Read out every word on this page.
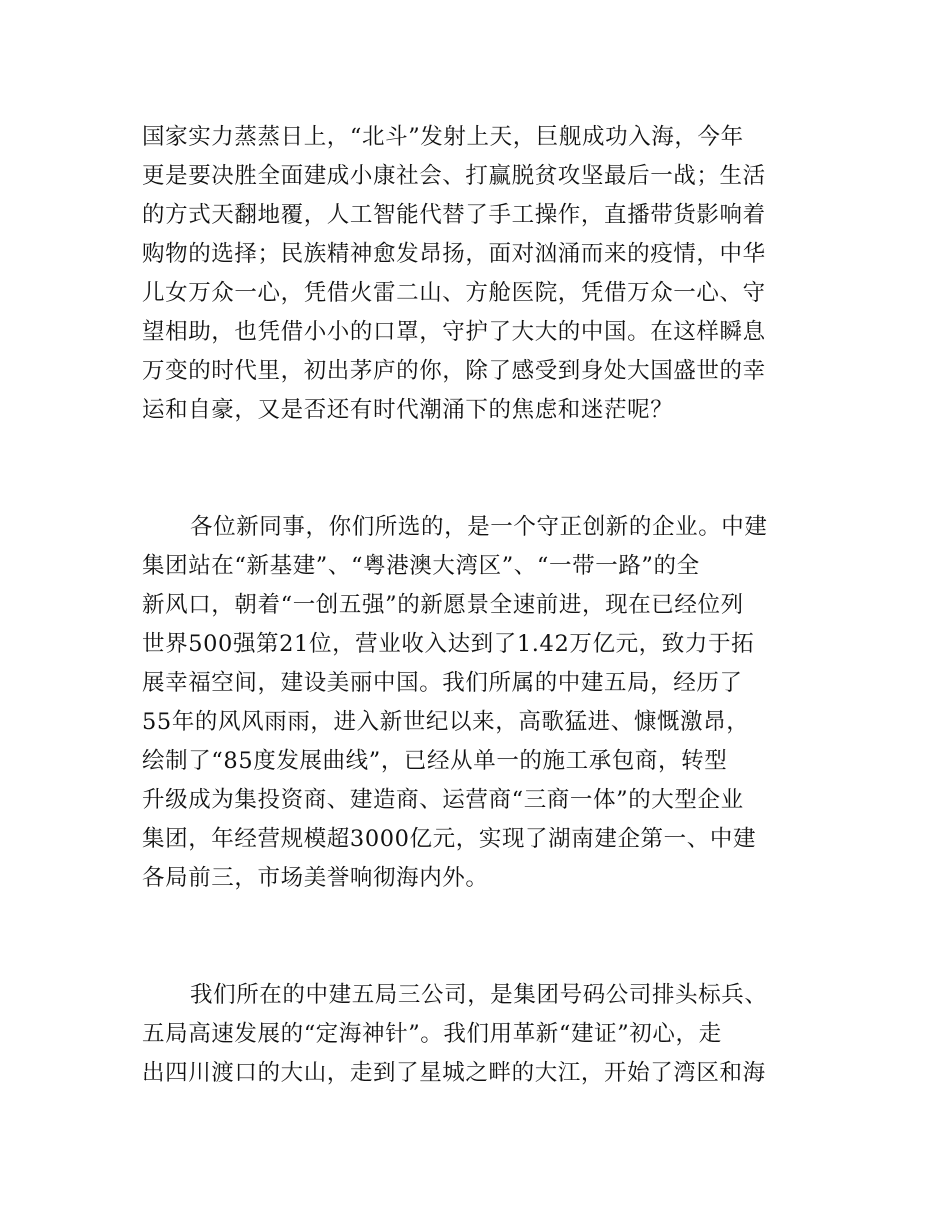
国家实力蒸蒸日上，“北斗”发射上天，巨舰成功入海，今年
更是要决胜全面建成小康社会、打赢脱贫攻坚最后一战；生活
的方式天翻地覆，人工智能代替了手工操作，直播带货影响着
购物的选择；民族精神愈发昂扬，面对汹涌而来的疫情，中华
儿女万众一心，凭借火雷二山、方舱医院，凭借万众一心、守
望相助，也凭借小小的口罩，守护了大大的中国。在这样瞬息
万变的时代里，初出茅庐的你，除了感受到身处大国盛世的幸
运和自豪，又是否还有时代潮涌下的焦虑和迷茫呢？
各位新同事，你们所选的，是一个守正创新的企业。中建
集团站在“新基建”、“粤港澳大湾区”、“一带一路”的全
新风口，朝着“一创五强”的新愿景全速前进，现在已经位列
世界500强第21位，营业收入达到了1.42万亿元，致力于拓
展幸福空间，建设美丽中国。我们所属的中建五局，经历了
55年的风风雨雨，进入新世纪以来，高歌猛进、慷慨激昂，
绘制了“85度发展曲线”，已经从单一的施工承包商，转型
升级成为集投资商、建造商、运营商“三商一体”的大型企业
集团，年经营规模超3000亿元，实现了湖南建企第一、中建
各局前三，市场美誉响彻海内外。
我们所在的中建五局三公司，是集团号码公司排头标兵、
五局高速发展的“定海神针”。我们用革新“建证”初心，走
出四川渡口的大山，走到了星城之畔的大江，开始了湾区和海
